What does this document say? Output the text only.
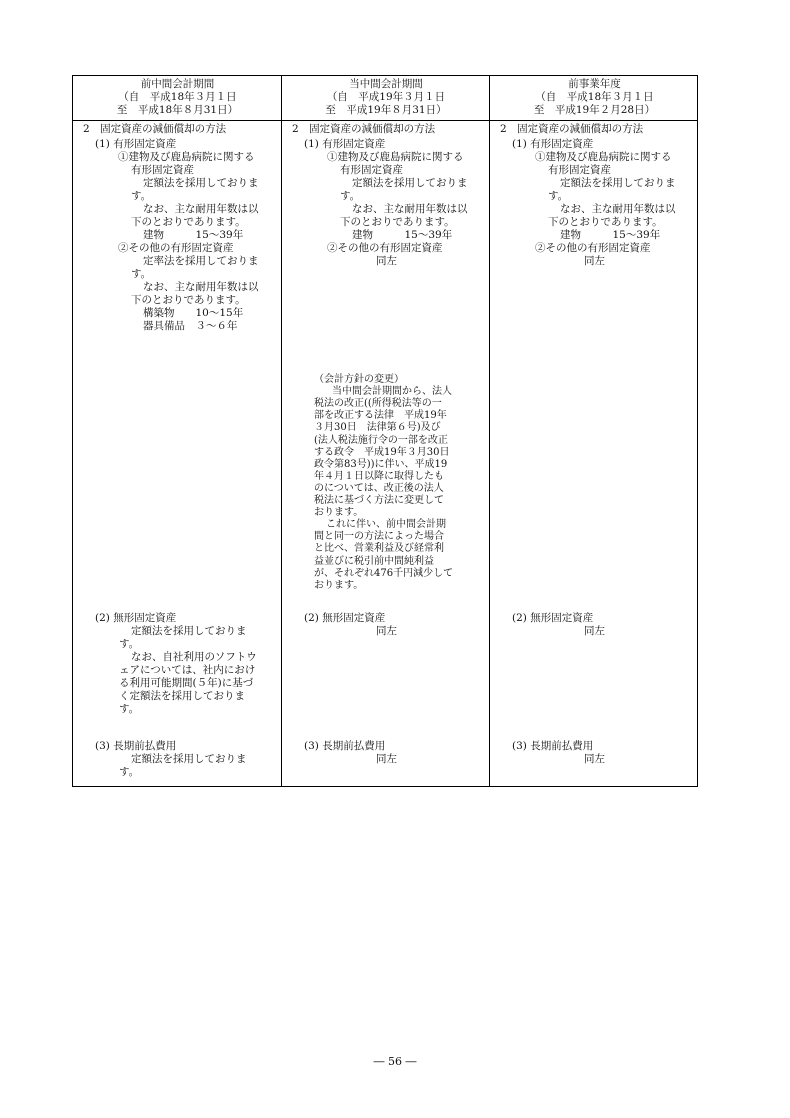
前中間会計期間
（自　平成18年３月１日
至　平成18年８月31日）
2　固定資産の減価償却の方法
(1) 有形固定資産
①建物及び鹿島病院に関する
有形固定資産
定額法を採用しておりま
す。
なお、主な耐用年数は以
下のとおりであります。
建物　　　15～39年
②その他の有形固定資産
定率法を採用しておりま
す。
なお、主な耐用年数は以
下のとおりであります。
構築物　　10～15年
器具備品　３～６年
(2) 無形固定資産
定額法を採用しておりま
す。
なお、自社利用のソフトウ
ェアについては、社内におけ
る利用可能期間(５年)に基づ
く定額法を採用しておりま
す。
(3) 長期前払費用
定額法を採用しておりま
す。
当中間会計期間
（自　平成19年３月１日
至　平成19年８月31日）
2　固定資産の減価償却の方法
(1) 有形固定資産
①建物及び鹿島病院に関する
有形固定資産
定額法を採用しておりま
す。
なお、主な耐用年数は以
下のとおりであります。
建物　　　15～39年
②その他の有形固定資産
同左
(2) 無形固定資産
同左
(3) 長期前払費用
同左
（会計方針の変更）
当中間会計期間から、法人
税法の改正((所得税法等の一
部を改正する法律　平成19年
３月30日　法律第６号)及び
(法人税法施行令の一部を改正
する政令　平成19年３月30日
政令第83号))に伴い、平成19
年４月１日以降に取得したも
のについては、改正後の法人
税法に基づく方法に変更して
おります。
これに伴い、前中間会計期
間と同一の方法によった場合
と比べ、営業利益及び経常利
益並びに税引前中間純利益
が、それぞれ476千円減少して
おります。
前事業年度
（自　平成18年３月１日
至　平成19年２月28日）
2　固定資産の減価償却の方法
(1) 有形固定資産
①建物及び鹿島病院に関する
有形固定資産
定額法を採用しておりま
す。
なお、主な耐用年数は以
下のとおりであります。
建物　　　15～39年
②その他の有形固定資産
同左
(2) 無形固定資産
同左
(3) 長期前払費用
同左
― 56 ―
